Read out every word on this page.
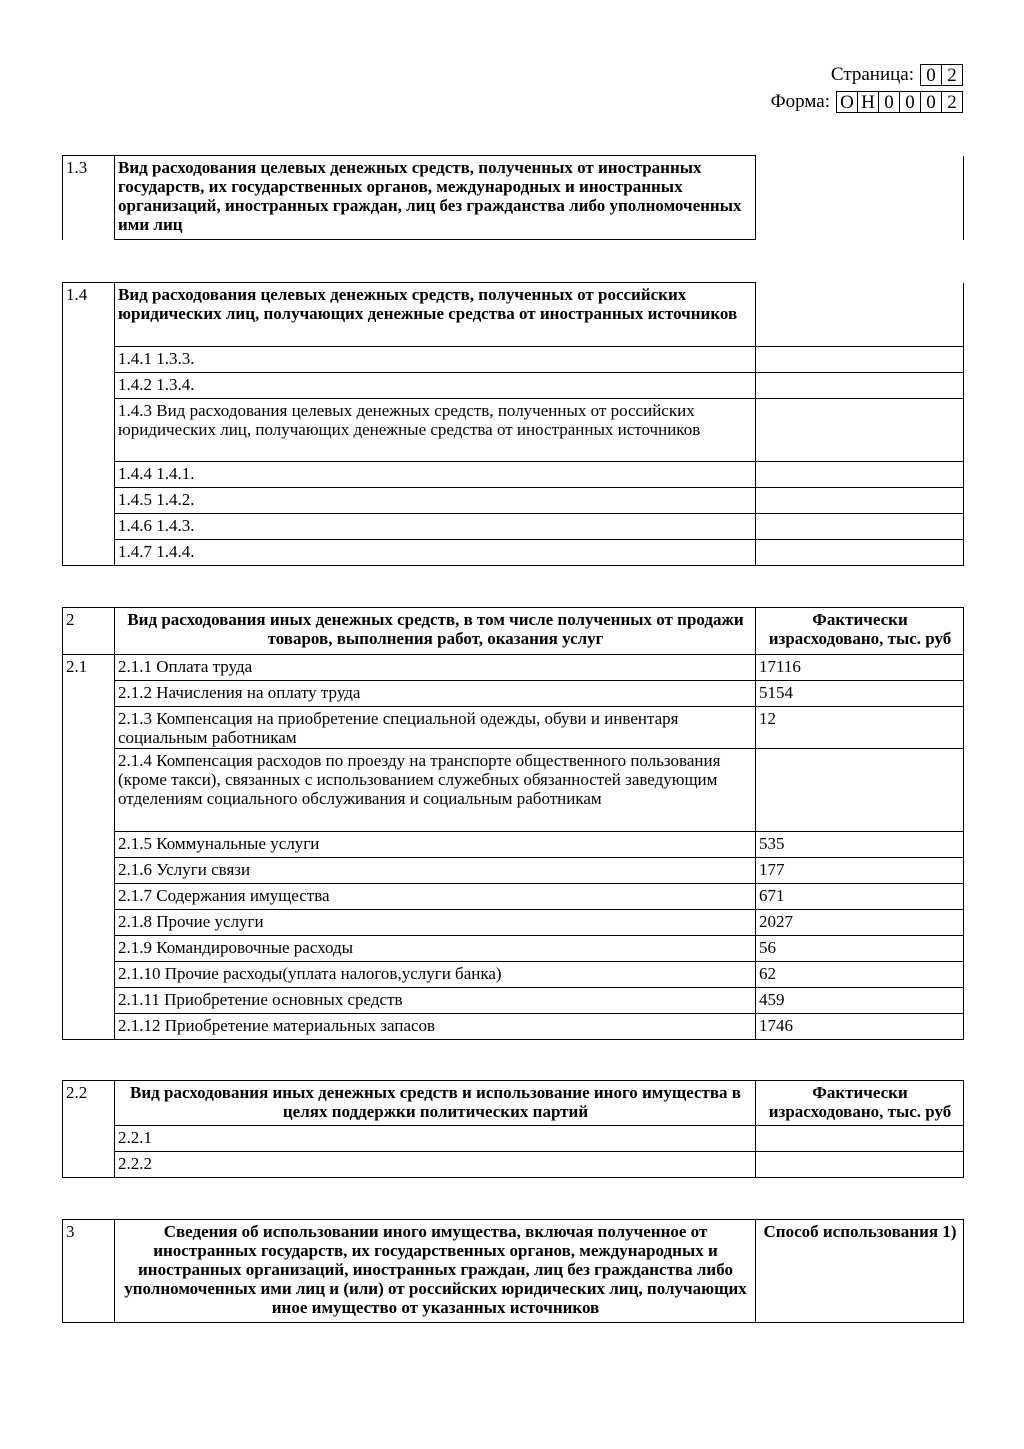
Страница: 0 2
Форма: О Н 0 0 0 2
1.3	Вид расходования целевых денежных средств, полученных от иностранных государств, их государственных органов, международных и иностранных организаций, иностранных граждан, лиц без гражданства либо уполномоченных ими лиц	
1.4	Вид расходования целевых денежных средств, полученных от российских юридических лиц, получающих денежные средства от иностранных источников	
	1.4.1 1.3.3.	
	1.4.2 1.3.4.	
	1.4.3 Вид расходования целевых денежных средств, полученных от российских юридических лиц, получающих денежные средства от иностранных источников	
	1.4.4 1.4.1.	
	1.4.5 1.4.2.	
	1.4.6 1.4.3.	
	1.4.7 1.4.4.	
2	Вид расходования иных денежных средств, в том числе полученных от продажи товаров, выполнения работ, оказания услуг	Фактически израсходовано, тыс. руб
2.1	2.1.1 Оплата труда	17116
	2.1.2 Начисления на оплату труда	5154
	2.1.3 Компенсация на приобретение специальной одежды, обуви и инвентаря социальным работникам	12
	2.1.4 Компенсация расходов по проезду на транспорте общественного пользования (кроме такси), связанных с использованием служебных обязанностей заведующим отделениям социального обслуживания и социальным работникам	
	2.1.5 Коммунальные услуги	535
	2.1.6 Услуги связи	177
	2.1.7 Содержания имущества	671
	2.1.8 Прочие услуги	2027
	2.1.9 Командировочные расходы	56
	2.1.10 Прочие расходы(уплата налогов,услуги банка)	62
	2.1.11 Приобретение основных средств	459
	2.1.12 Приобретение материальных запасов	1746
2.2	Вид расходования иных денежных средств и использование иного имущества в целях поддержки политических партий	Фактически израсходовано, тыс. руб
	2.2.1	
	2.2.2	
3	Сведения об использовании иного имущества, включая полученное от иностранных государств, их государственных органов, международных и иностранных организаций, иностранных граждан, лиц без гражданства либо уполномоченных ими лиц и (или) от российских юридических лиц, получающих иное имущество от указанных источников	Способ использования 1)
